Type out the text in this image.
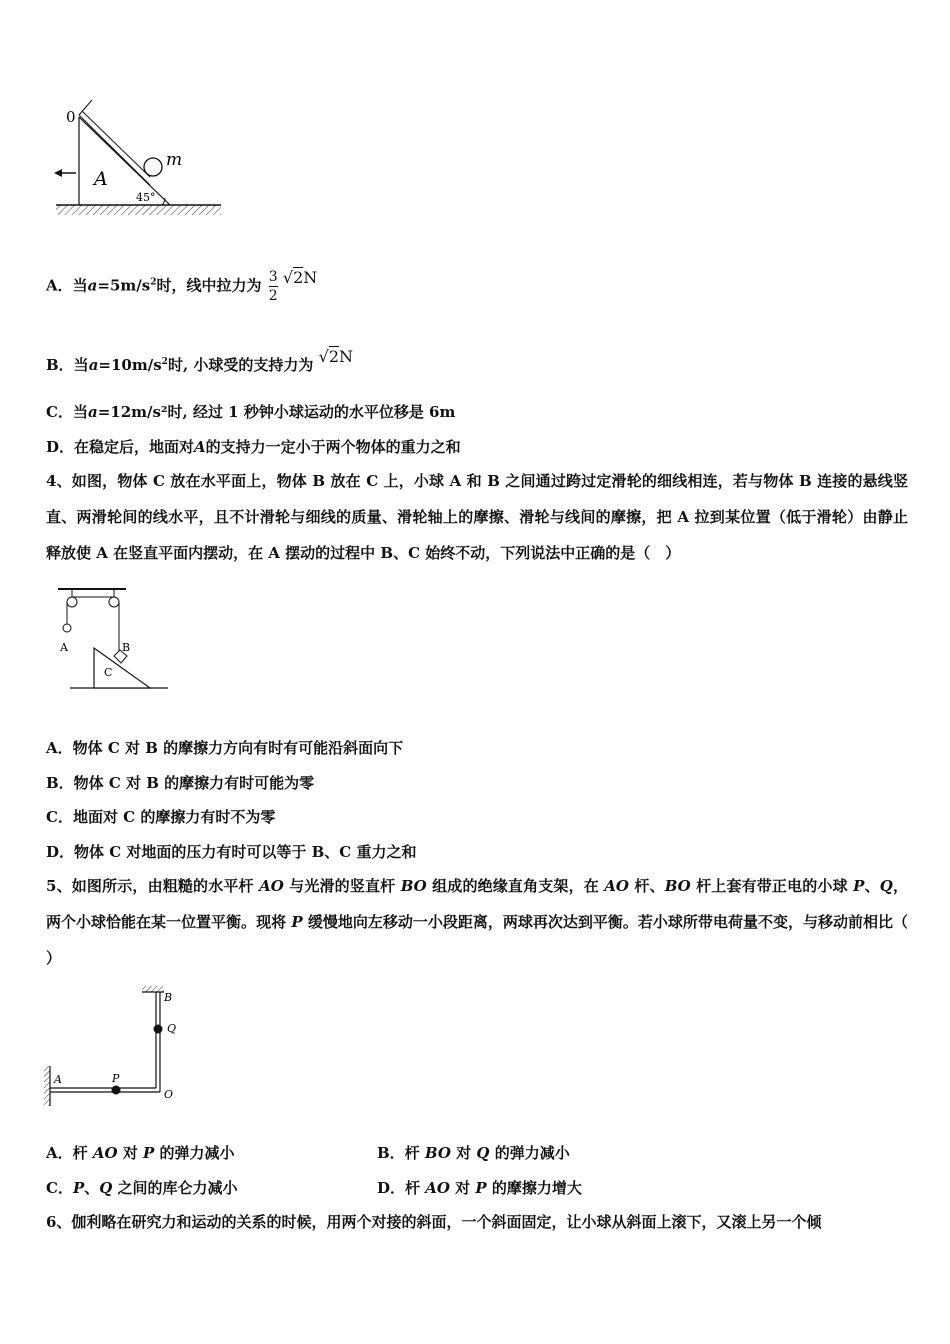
0
A
m
45°
A．当$a=5m/s^2$时，线中拉力为 $\frac{3}{2} √2N$
B．当$a=10m/s^2$时, 小球受的支持力为 √2N
C．当a=12m/s²时, 经过 1 秒钟小球运动的水平位移是 6m
D．在稳定后，地面对A的支持力一定小于两个物体的重力之和
4、如图，物体 C 放在水平面上，物体 B 放在 C 上，小球 A 和 B 之间通过跨过定滑轮的细线相连，若与物体 B 连接的悬线竖直、两滑轮间的线水平，且不计滑轮与细线的质量、滑轮轴上的摩擦、滑轮与线间的摩擦，把 A 拉到某位置（低于滑轮）由静止释放使 A 在竖直平面内摆动，在 A 摆动的过程中 B、C 始终不动，下列说法中正确的是（　）
A	B
C
A．物体 C 对 B 的摩擦力方向有时有可能沿斜面向下
B．物体 C 对 B 的摩擦力有时可能为零
C．地面对 C 的摩擦力有时不为零
D．物体 C 对地面的压力有时可以等于 B、C 重力之和
5、如图所示，由粗糙的水平杆 AO 与光滑的竖直杆 BO 组成的绝缘直角支架，在 AO 杆、BO 杆上套有带正电的小球 P、Q，两个小球恰能在某一位置平衡。现将 P 缓慢地向左移动一小段距离，两球再次达到平衡。若小球所带电荷量不变，与移动前相比（ ）
A
B
O
P
Q
A．杆 AO 对 P 的弹力减小	B．杆 BO 对 Q 的弹力减小
C．P、Q 之间的库仑力减小	D．杆 AO 对 P 的摩擦力增大
6、伽利略在研究力和运动的关系的时候，用两个对接的斜面，一个斜面固定，让小球从斜面上滚下，又滚上另一个倾
